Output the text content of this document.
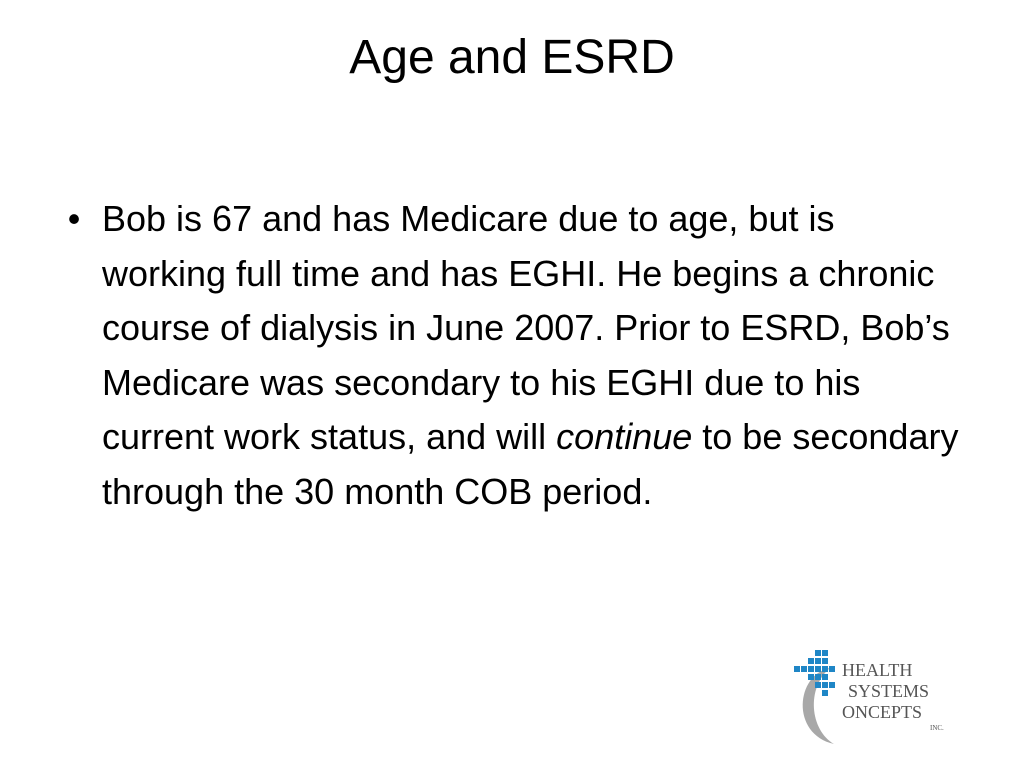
Age and ESRD
• Bob is 67 and has Medicare due to age, but is working full time and has EGHI. He begins a chronic course of dialysis in June 2007. Prior to ESRD, Bob’s Medicare was secondary to his EGHI due to his current work status, and will continue to be secondary through the 30 month COB period.
HEALTH
SYSTEMS
ONCEPTS
INC.
